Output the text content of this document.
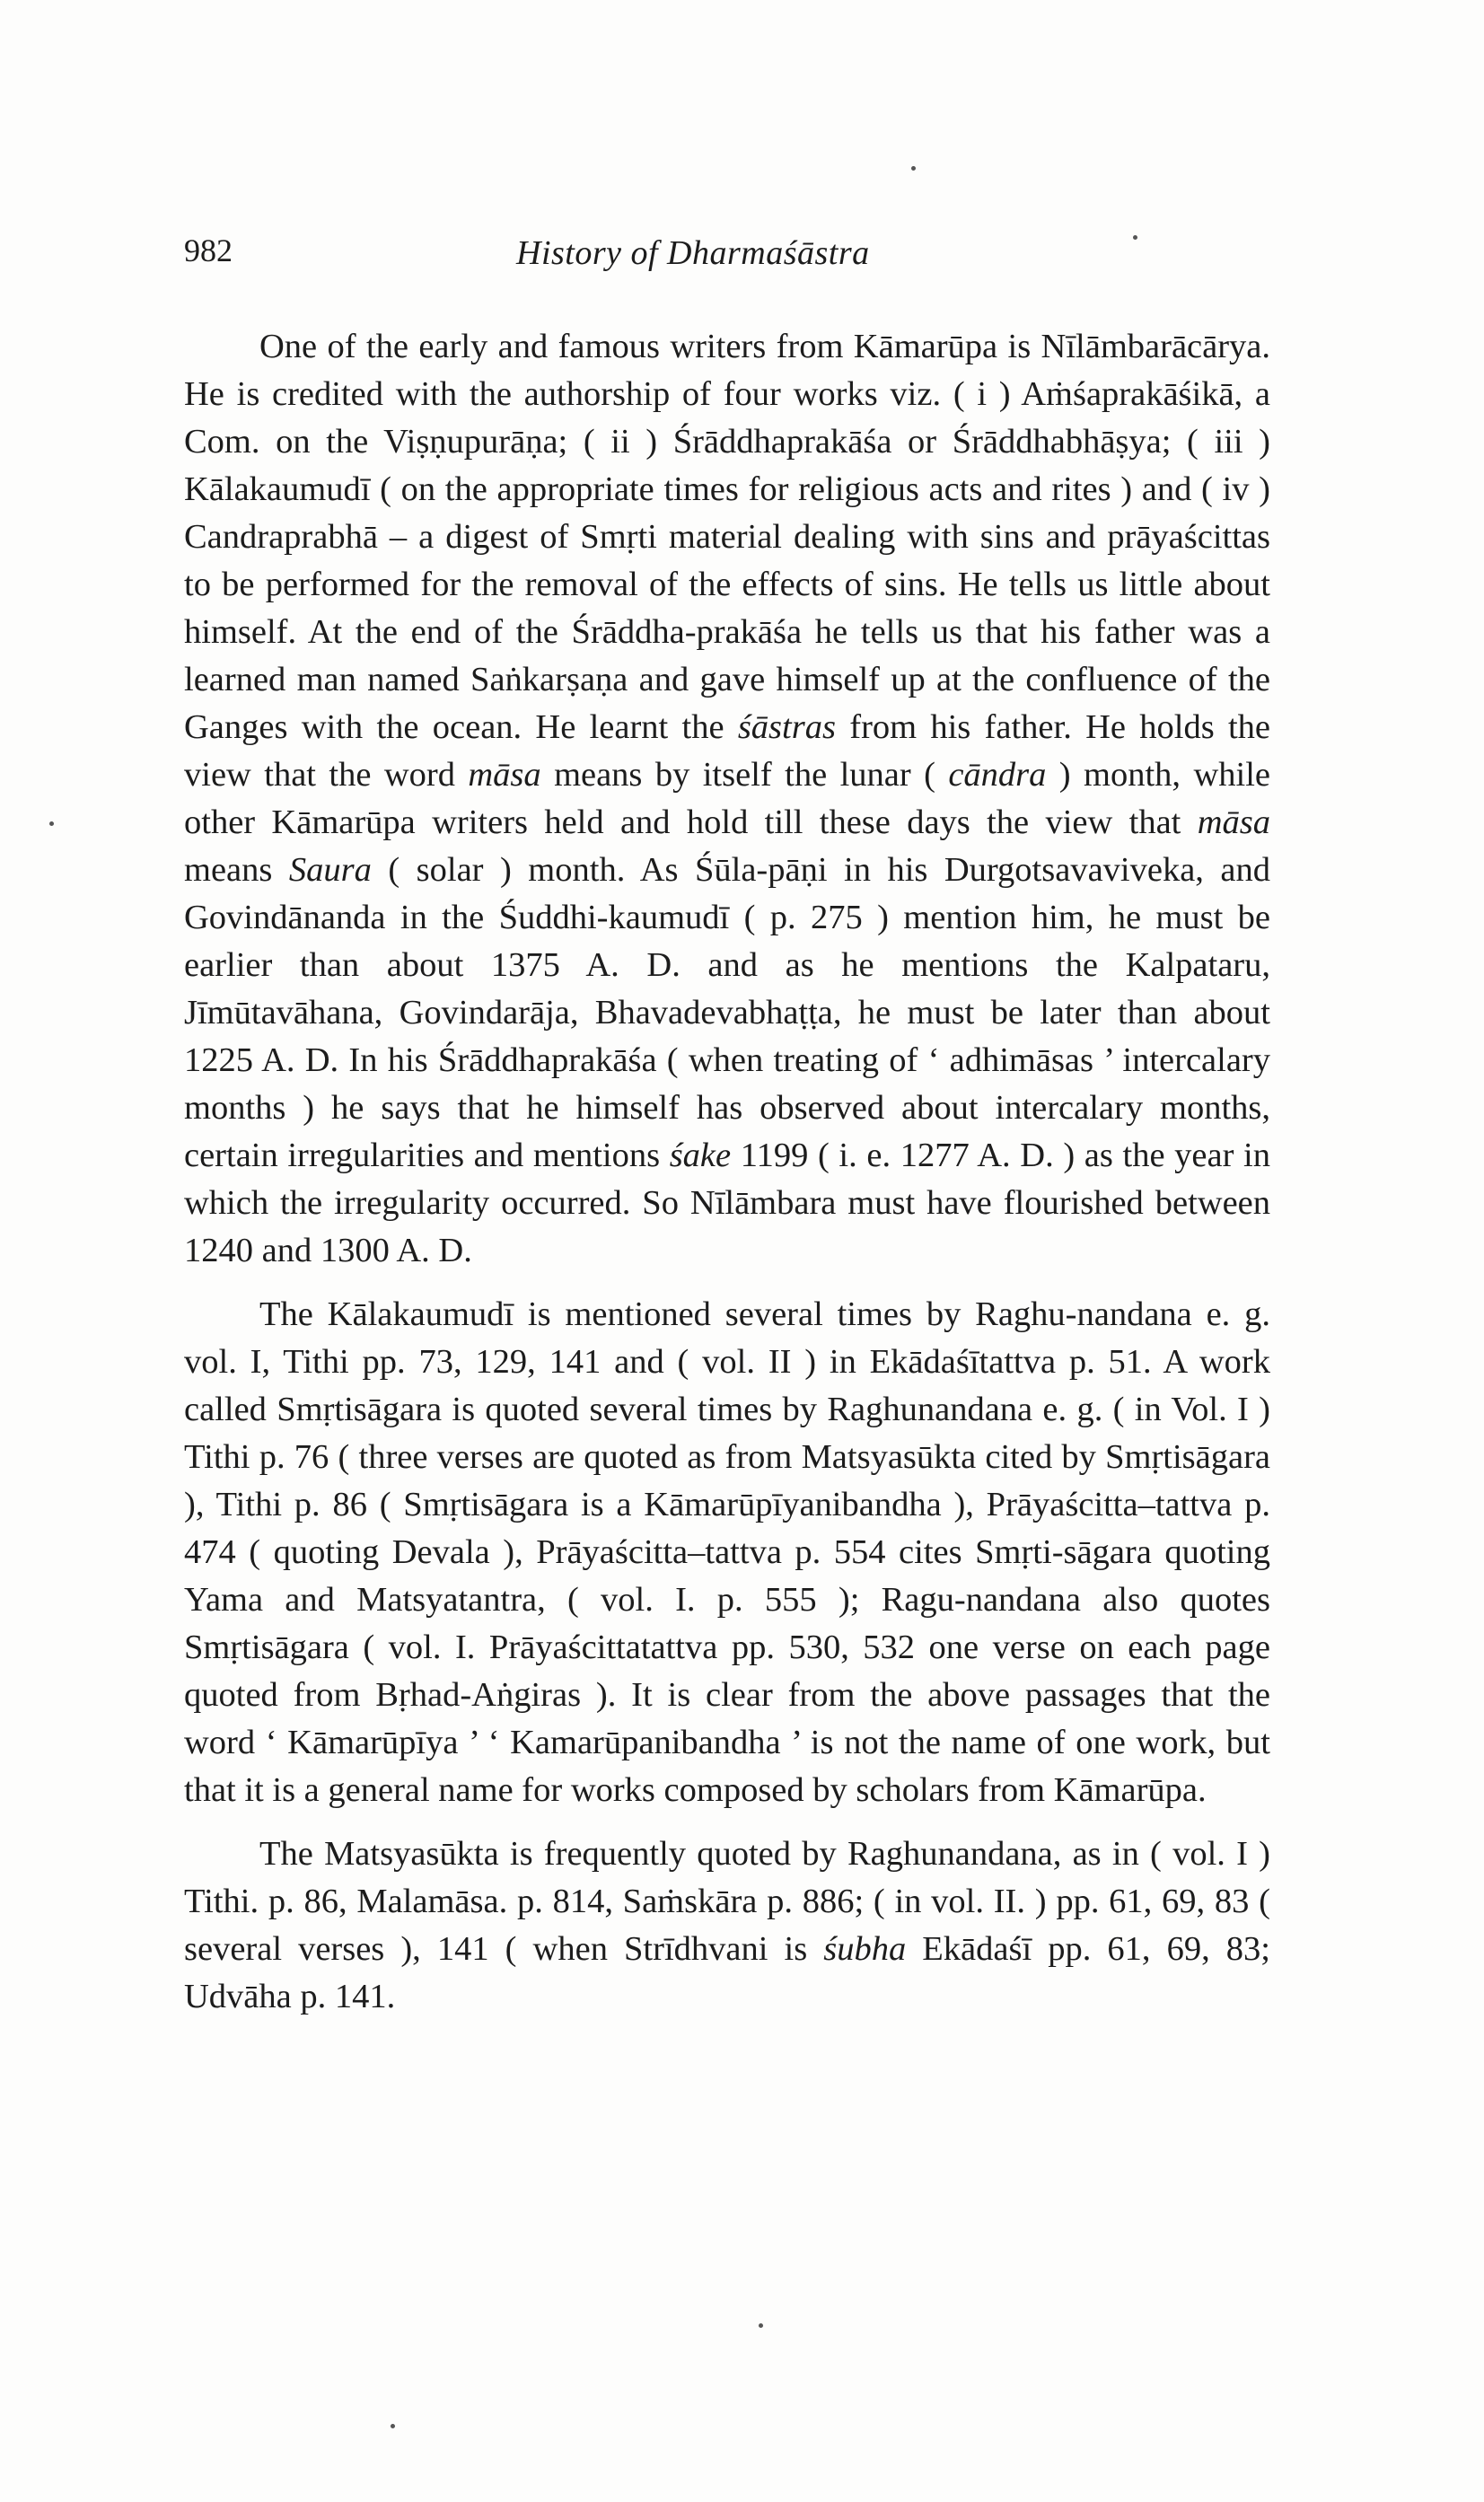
982	History of Dharmaśāstra

One of the early and famous writers from Kāmarūpa is Nīlāmbarācārya. He is credited with the authorship of four works viz. ( i ) Aṁśaprakāśikā, a Com. on the Viṣṇupurāṇa; ( ii ) Śrāddhaprakāśa or Śrāddhabhāṣya; ( iii ) Kālakaumudī ( on the appropriate times for religious acts and rites ) and ( iv ) Candraprabhā – a digest of Smṛti material dealing with sins and prāyaścittas to be performed for the removal of the effects of sins. He tells us little about himself. At the end of the Śrāddha-prakāśa he tells us that his father was a learned man named Saṅkarṣaṇa and gave himself up at the confluence of the Ganges with the ocean. He learnt the śāstras from his father. He holds the view that the word māsa means by itself the lunar ( cāndra ) month, while other Kāmarūpa writers held and hold till these days the view that māsa means Saura ( solar ) month. As Śūla-pāṇi in his Durgotsavaviveka, and Govindānanda in the Śuddhi-kaumudī ( p. 275 ) mention him, he must be earlier than about 1375 A. D. and as he mentions the Kalpataru, Jīmūtavāhana, Govindarāja, Bhavadevabhaṭṭa, he must be later than about 1225 A. D. In his Śrāddhaprakāśa ( when treating of ‘ adhimāsas ’ intercalary months ) he says that he himself has observed about intercalary months, certain irregularities and mentions śake 1199 ( i. e. 1277 A. D. ) as the year in which the irregularity occurred. So Nīlāmbara must have flourished between 1240 and 1300 A. D.

The Kālakaumudī is mentioned several times by Raghu-nandana e. g. vol. I, Tithi pp. 73, 129, 141 and ( vol. II ) in Ekādaśītattva p. 51. A work called Smṛtisāgara is quoted several times by Raghunandana e. g. ( in Vol. I ) Tithi p. 76 ( three verses are quoted as from Matsyasūkta cited by Smṛtisāgara ), Tithi p. 86 ( Smṛtisāgara is a Kāmarūpīyanibandha ), Prāyaścitta–tattva p. 474 ( quoting Devala ), Prāyaścitta–tattva p. 554 cites Smṛti-sāgara quoting Yama and Matsyatantra, ( vol. I. p. 555 ); Ragu-nandana also quotes Smṛtisāgara ( vol. I. Prāyaścittatattva pp. 530, 532 one verse on each page quoted from Bṛhad-Aṅgiras ). It is clear from the above passages that the word ‘ Kāmarūpīya ’ ‘ Kamarūpanibandha ’ is not the name of one work, but that it is a general name for works composed by scholars from Kāmarūpa.

The Matsyasūkta is frequently quoted by Raghunandana, as in ( vol. I ) Tithi. p. 86, Malamāsa. p. 814, Saṁskāra p. 886; ( in vol. II. ) pp. 61, 69, 83 ( several verses ), 141 ( when Strīdhvani is śubha Ekādaśī pp. 61, 69, 83; Udvāha p. 141.
